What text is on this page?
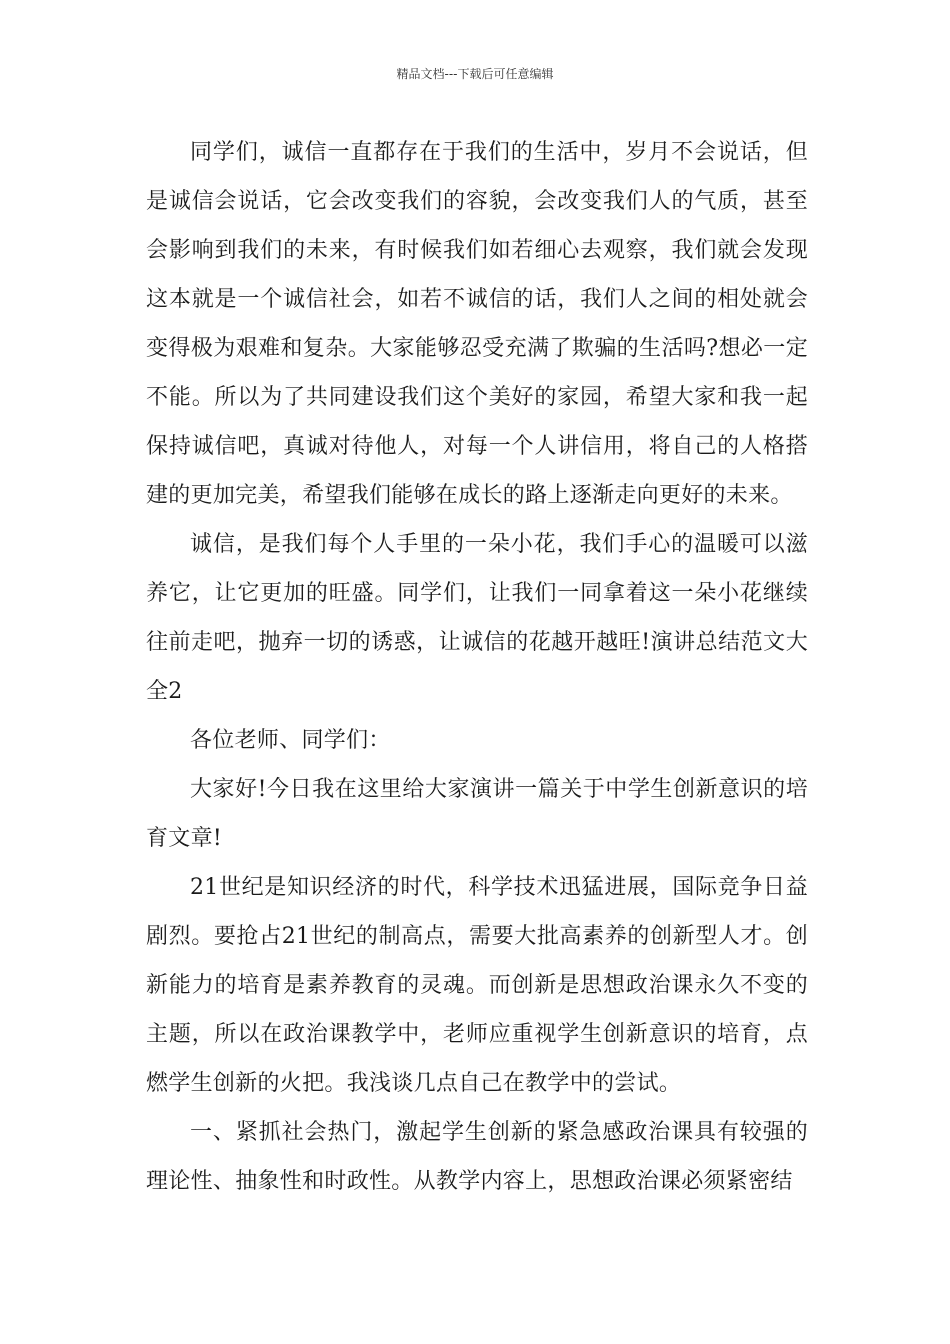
精品文档---下载后可任意编辑

同学们，诚信一直都存在于我们的生活中，岁月不会说话，但是诚信会说话，它会改变我们的容貌，会改变我们人的气质，甚至会影响到我们的未来，有时候我们如若细心去观察，我们就会发现这本就是一个诚信社会，如若不诚信的话，我们人之间的相处就会变得极为艰难和复杂。大家能够忍受充满了欺骗的生活吗?想必一定不能。所以为了共同建设我们这个美好的家园，希望大家和我一起保持诚信吧，真诚对待他人，对每一个人讲信用，将自己的人格搭建的更加完美，希望我们能够在成长的路上逐渐走向更好的未来。

诚信，是我们每个人手里的一朵小花，我们手心的温暖可以滋养它，让它更加的旺盛。同学们，让我们一同拿着这一朵小花继续往前走吧，抛弃一切的诱惑，让诚信的花越开越旺!演讲总结范文大全2

各位老师、同学们：

大家好!今日我在这里给大家演讲一篇关于中学生创新意识的培育文章!

21世纪是知识经济的时代，科学技术迅猛进展，国际竞争日益剧烈。要抢占21世纪的制高点，需要大批高素养的创新型人才。创新能力的培育是素养教育的灵魂。而创新是思想政治课永久不变的主题，所以在政治课教学中，老师应重视学生创新意识的培育，点燃学生创新的火把。我浅谈几点自己在教学中的尝试。

一、紧抓社会热门，激起学生创新的紧急感政治课具有较强的理论性、抽象性和时政性。从教学内容上，思想政治课必须紧密结
